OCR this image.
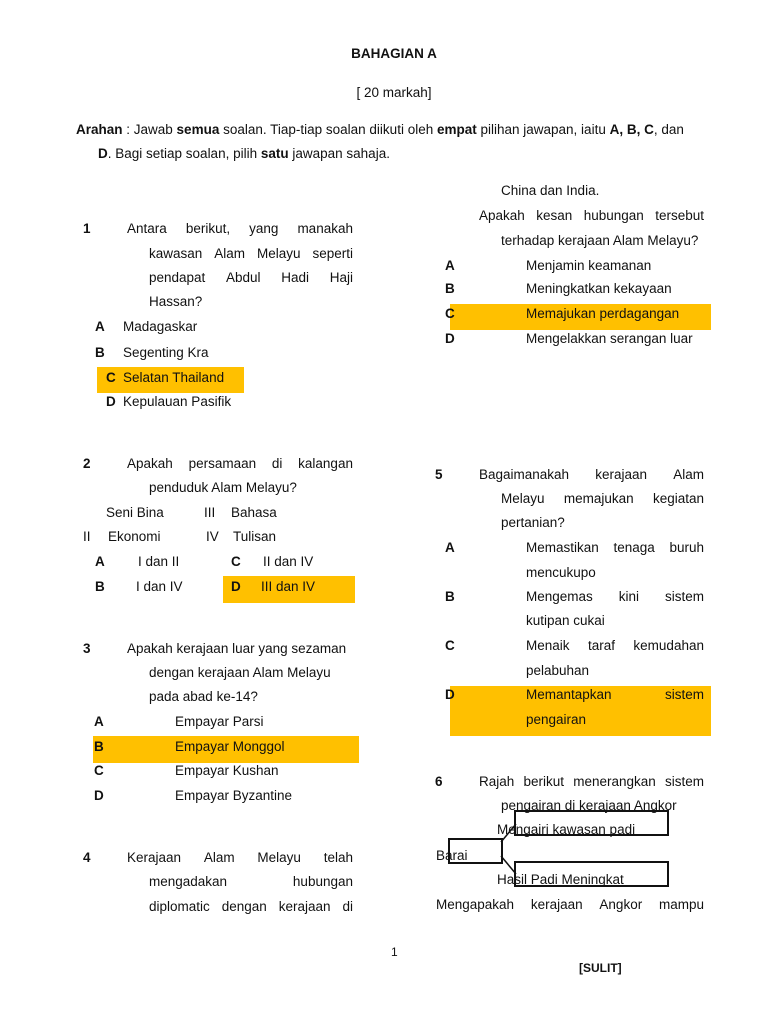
BAHAGIAN A
[ 20 markah]
Arahan : Jawab semua soalan. Tiap-tiap soalan diikuti oleh empat pilihan jawapan, iaitu A, B, C, dan
D. Bagi setiap soalan, pilih satu jawapan sahaja.
1	Antara berikut, yang manakah
kawasan Alam Melayu seperti
pendapat Abdul Hadi Haji
Hassan?
A Madagaskar
B Segenting Kra
C Selatan Thailand
D Kepulauan Pasifik
2	Apakah persamaan di kalangan
penduduk Alam Melayu?
Seni Bina	III Bahasa
II Ekonomi	IV Tulisan
A I dan II	C II dan IV
B I dan IV	D III dan IV
3	Apakah kerajaan luar yang sezaman
dengan kerajaan Alam Melayu
pada abad ke-14?
A	Empayar Parsi
B	Empayar Monggol
C	Empayar Kushan
D	Empayar Byzantine
4	Kerajaan Alam Melayu telah
mengadakan	hubungan
diplomatic dengan kerajaan di
China dan India.
Apakah kesan hubungan tersebut
terhadap kerajaan Alam Melayu?
A	Menjamin keamanan
B	Meningkatkan kekayaan
C	Memajukan perdagangan
D	Mengelakkan serangan luar
5	Bagaimanakah kerajaan Alam
Melayu memajukan kegiatan
pertanian?
A	Memastikan tenaga buruh
mencukupo
B	Mengemas kini sistem
kutipan cukai
C	Menaik taraf kemudahan
pelabuhan
D	Memantapkan	sistem
pengairan
6	Rajah berikut menerangkan sistem
pengairan di kerajaan Angkor
Mengairi kawasan padi
Barai
Hasil Padi Meningkat
Mengapakah kerajaan Angkor mampu
1
[SULIT]
